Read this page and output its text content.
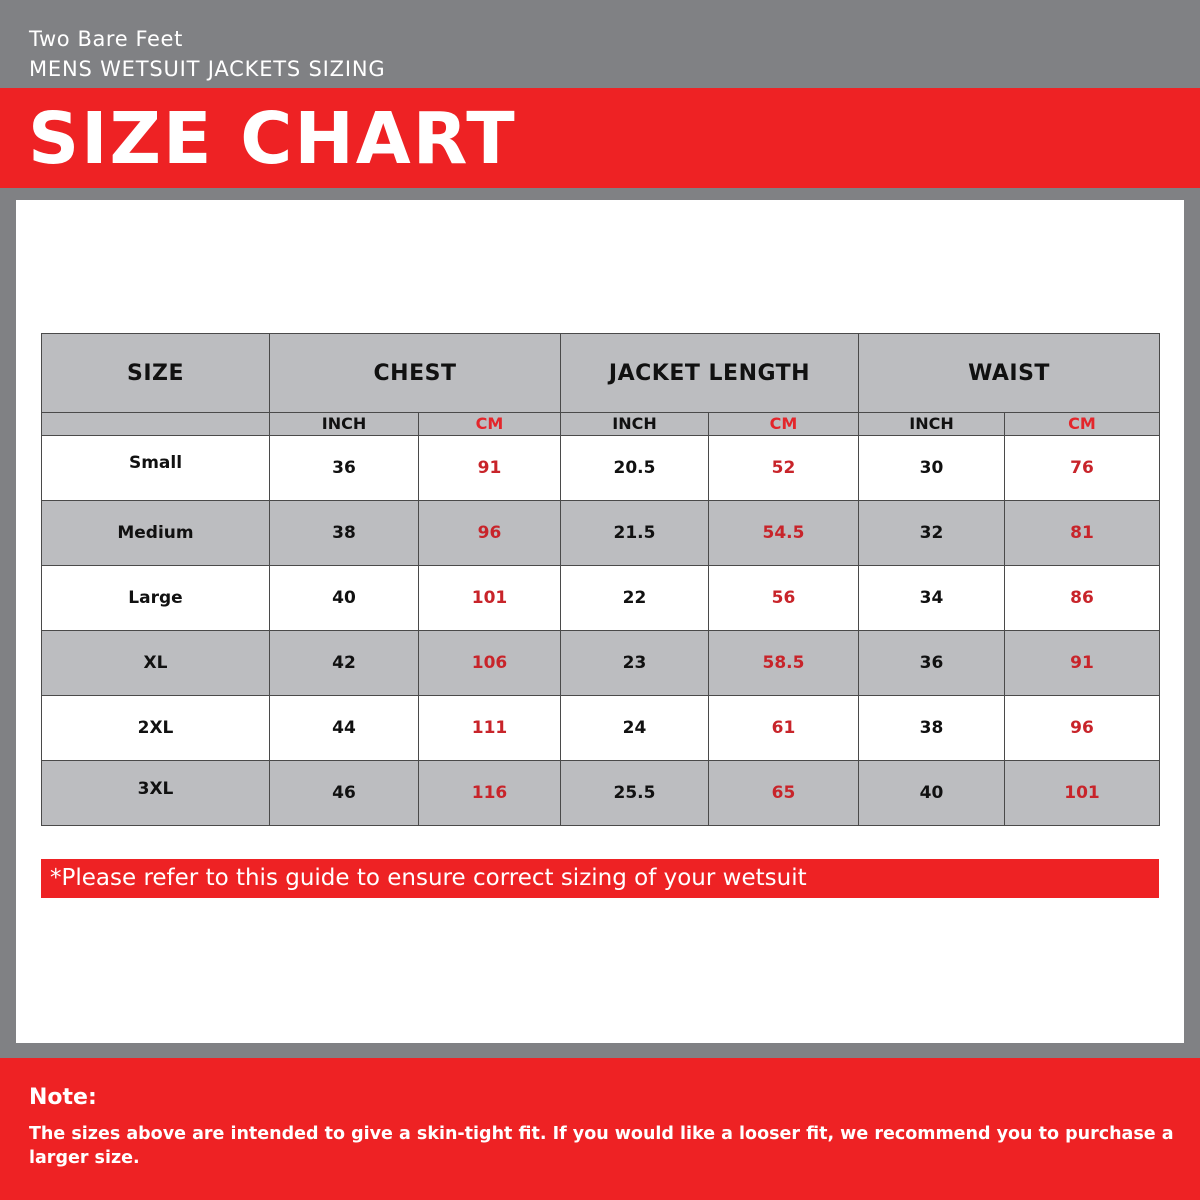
Two Bare Feet
MENS WETSUIT JACKETS SIZING
SIZE CHART
SIZE	CHEST		JACKET LENGTH		WAIST	
	INCH	CM	INCH	CM	INCH	CM
Small	36	91	20.5	52	30	76
Medium	38	96	21.5	54.5	32	81
Large	40	101	22	56	34	86
XL	42	106	23	58.5	36	91
2XL	44	111	24	61	38	96
3XL	46	116	25.5	65	40	101
*Please refer to this guide to ensure correct sizing of your wetsuit
Note:
The sizes above are intended to give a skin-tight fit. If you would like a looser fit, we recommend you to purchase a larger size.
